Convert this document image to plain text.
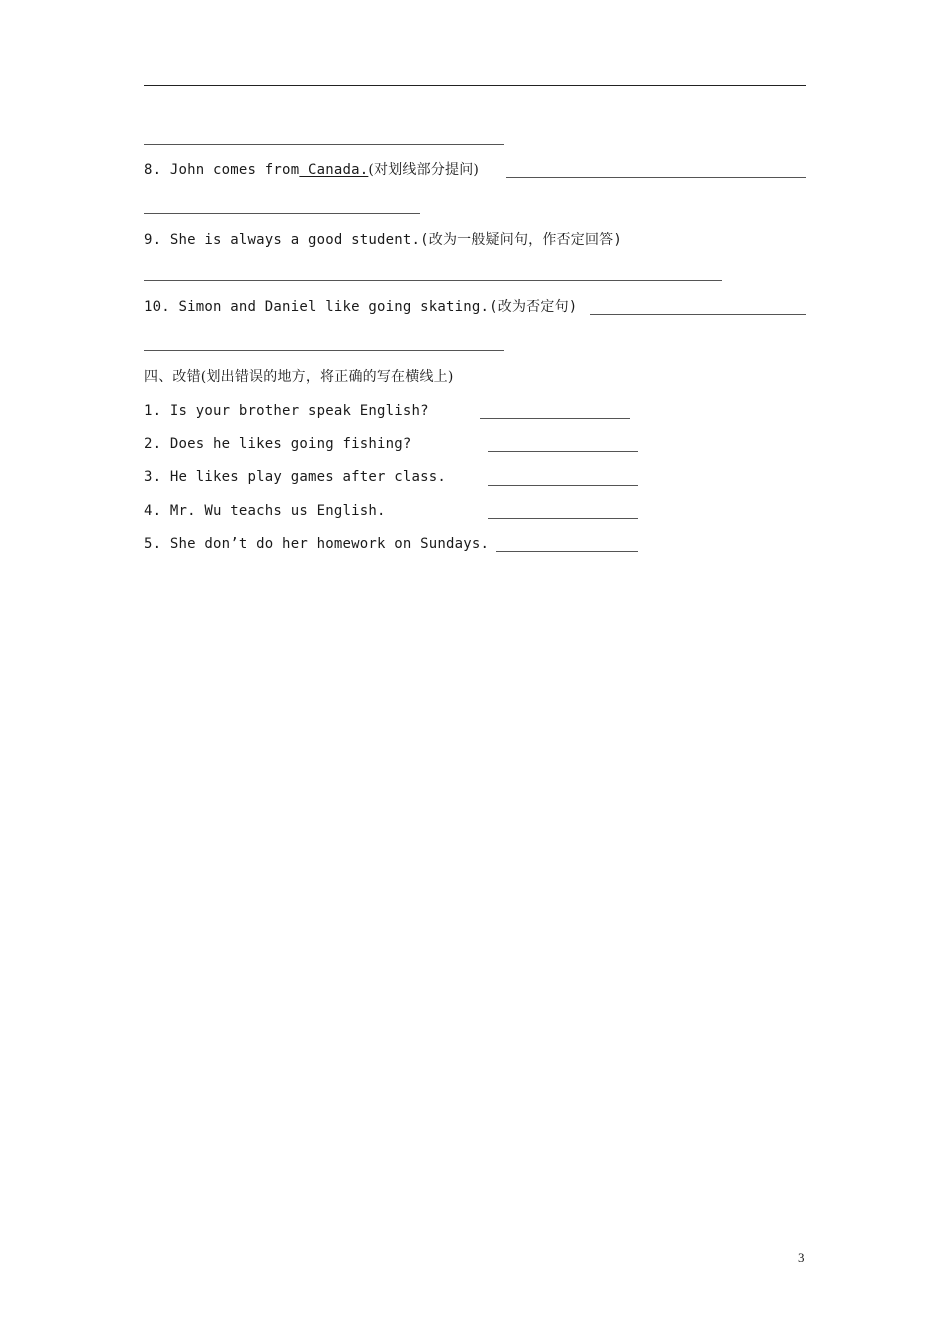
8. John comes from Canada.(对划线部分提问)
9. She is always a good student.(改为一般疑问句，作否定回答)
10. Simon and Daniel like going skating.(改为否定句)
四、改错(划出错误的地方，将正确的写在横线上)
1. Is your brother speak English?
2. Does he likes going fishing?
3. He likes play games after class.
4. Mr. Wu teachs us English.
5. She don’t do her homework on Sundays.
3
